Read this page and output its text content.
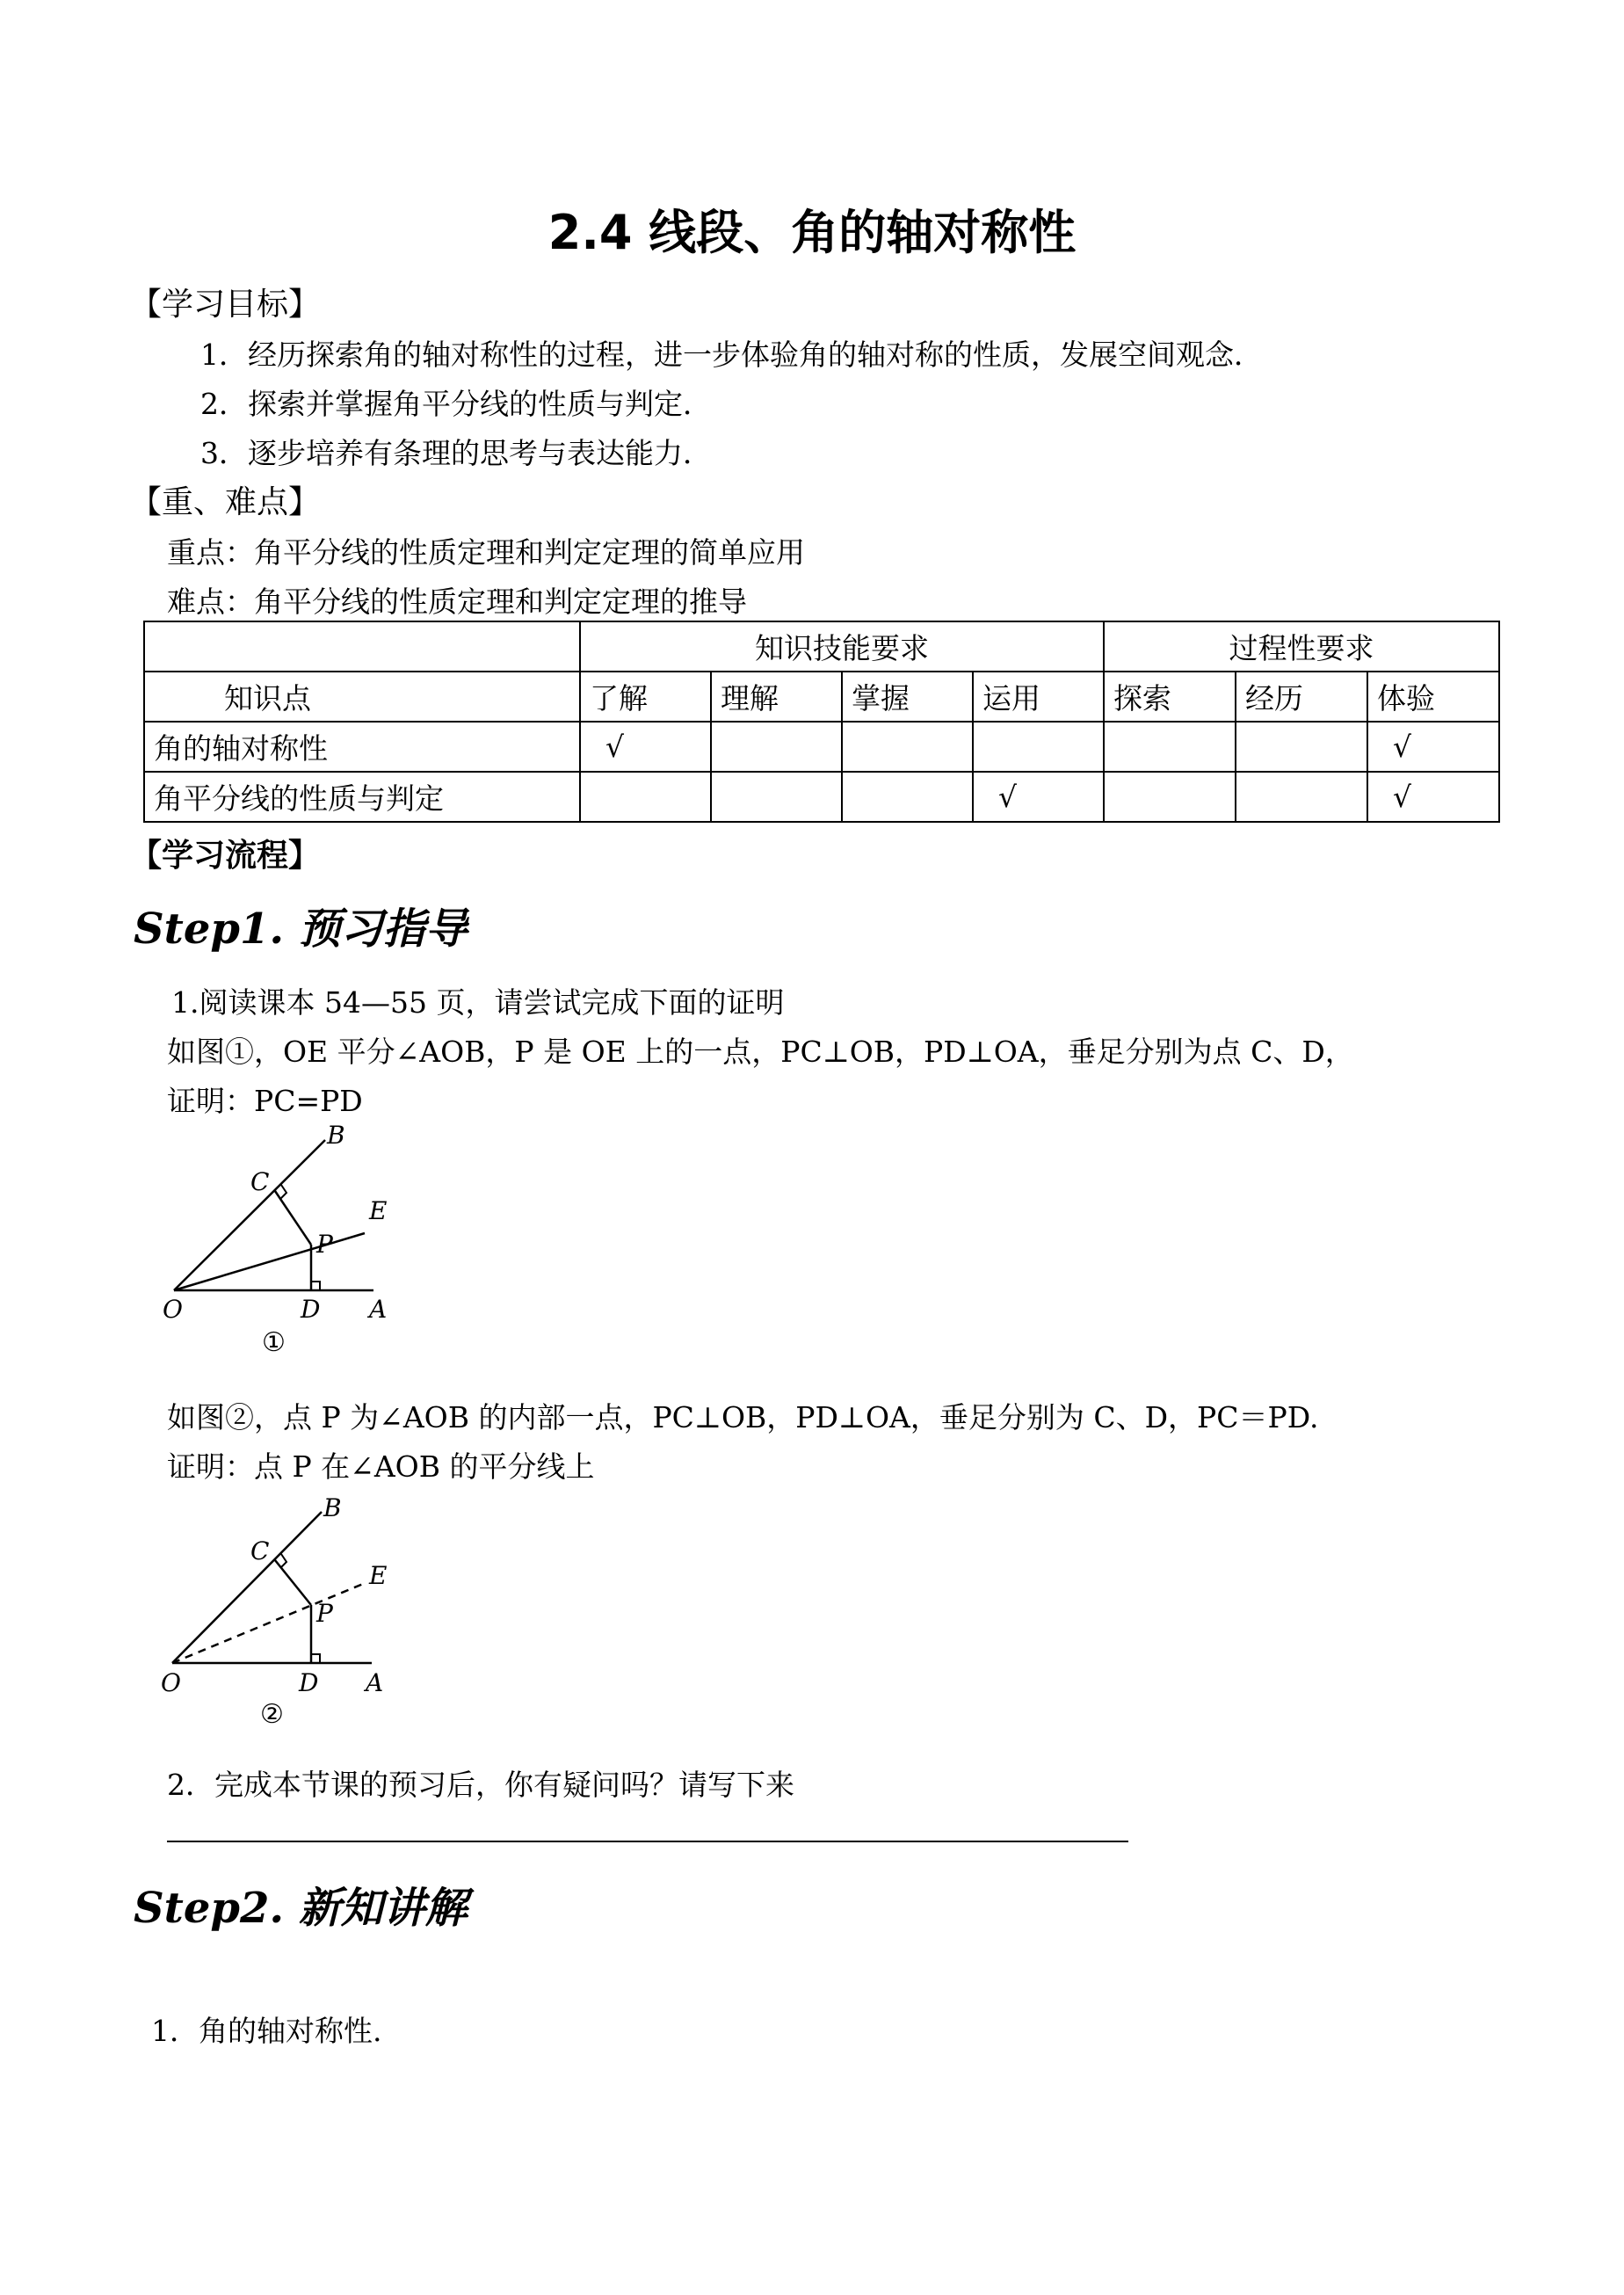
2.4 线段、角的轴对称性
【学习目标】
1．经历探索角的轴对称性的过程，进一步体验角的轴对称的性质，发展空间观念．
2．探索并掌握角平分线的性质与判定．
3．逐步培养有条理的思考与表达能力．
【重、难点】
重点：角平分线的性质定理和判定定理的简单应用
难点：角平分线的性质定理和判定定理的推导
	知识技能要求				过程性要求		
知识点	了解	理解	掌握	运用	探索	经历	体验
角的轴对称性	√						√
角平分线的性质与判定				√			√
【学习流程】
Step1. 预习指导
1.阅读课本 54—55 页，请尝试完成下面的证明
如图①，OE 平分∠AOB，P 是 OE 上的一点，PC⊥OB，PD⊥OA，垂足分别为点 C、D，
证明：PC=PD
B
C
E
P
O	D A
①
如图②，点 P 为∠AOB 的内部一点，PC⊥OB，PD⊥OA，垂足分别为 C、D，PC＝PD.
证明：点 P 在∠AOB 的平分线上
B
C
E
P
O	D A
②
2．完成本节课的预习后，你有疑问吗？请写下来
Step2. 新知讲解
1．角的轴对称性.
